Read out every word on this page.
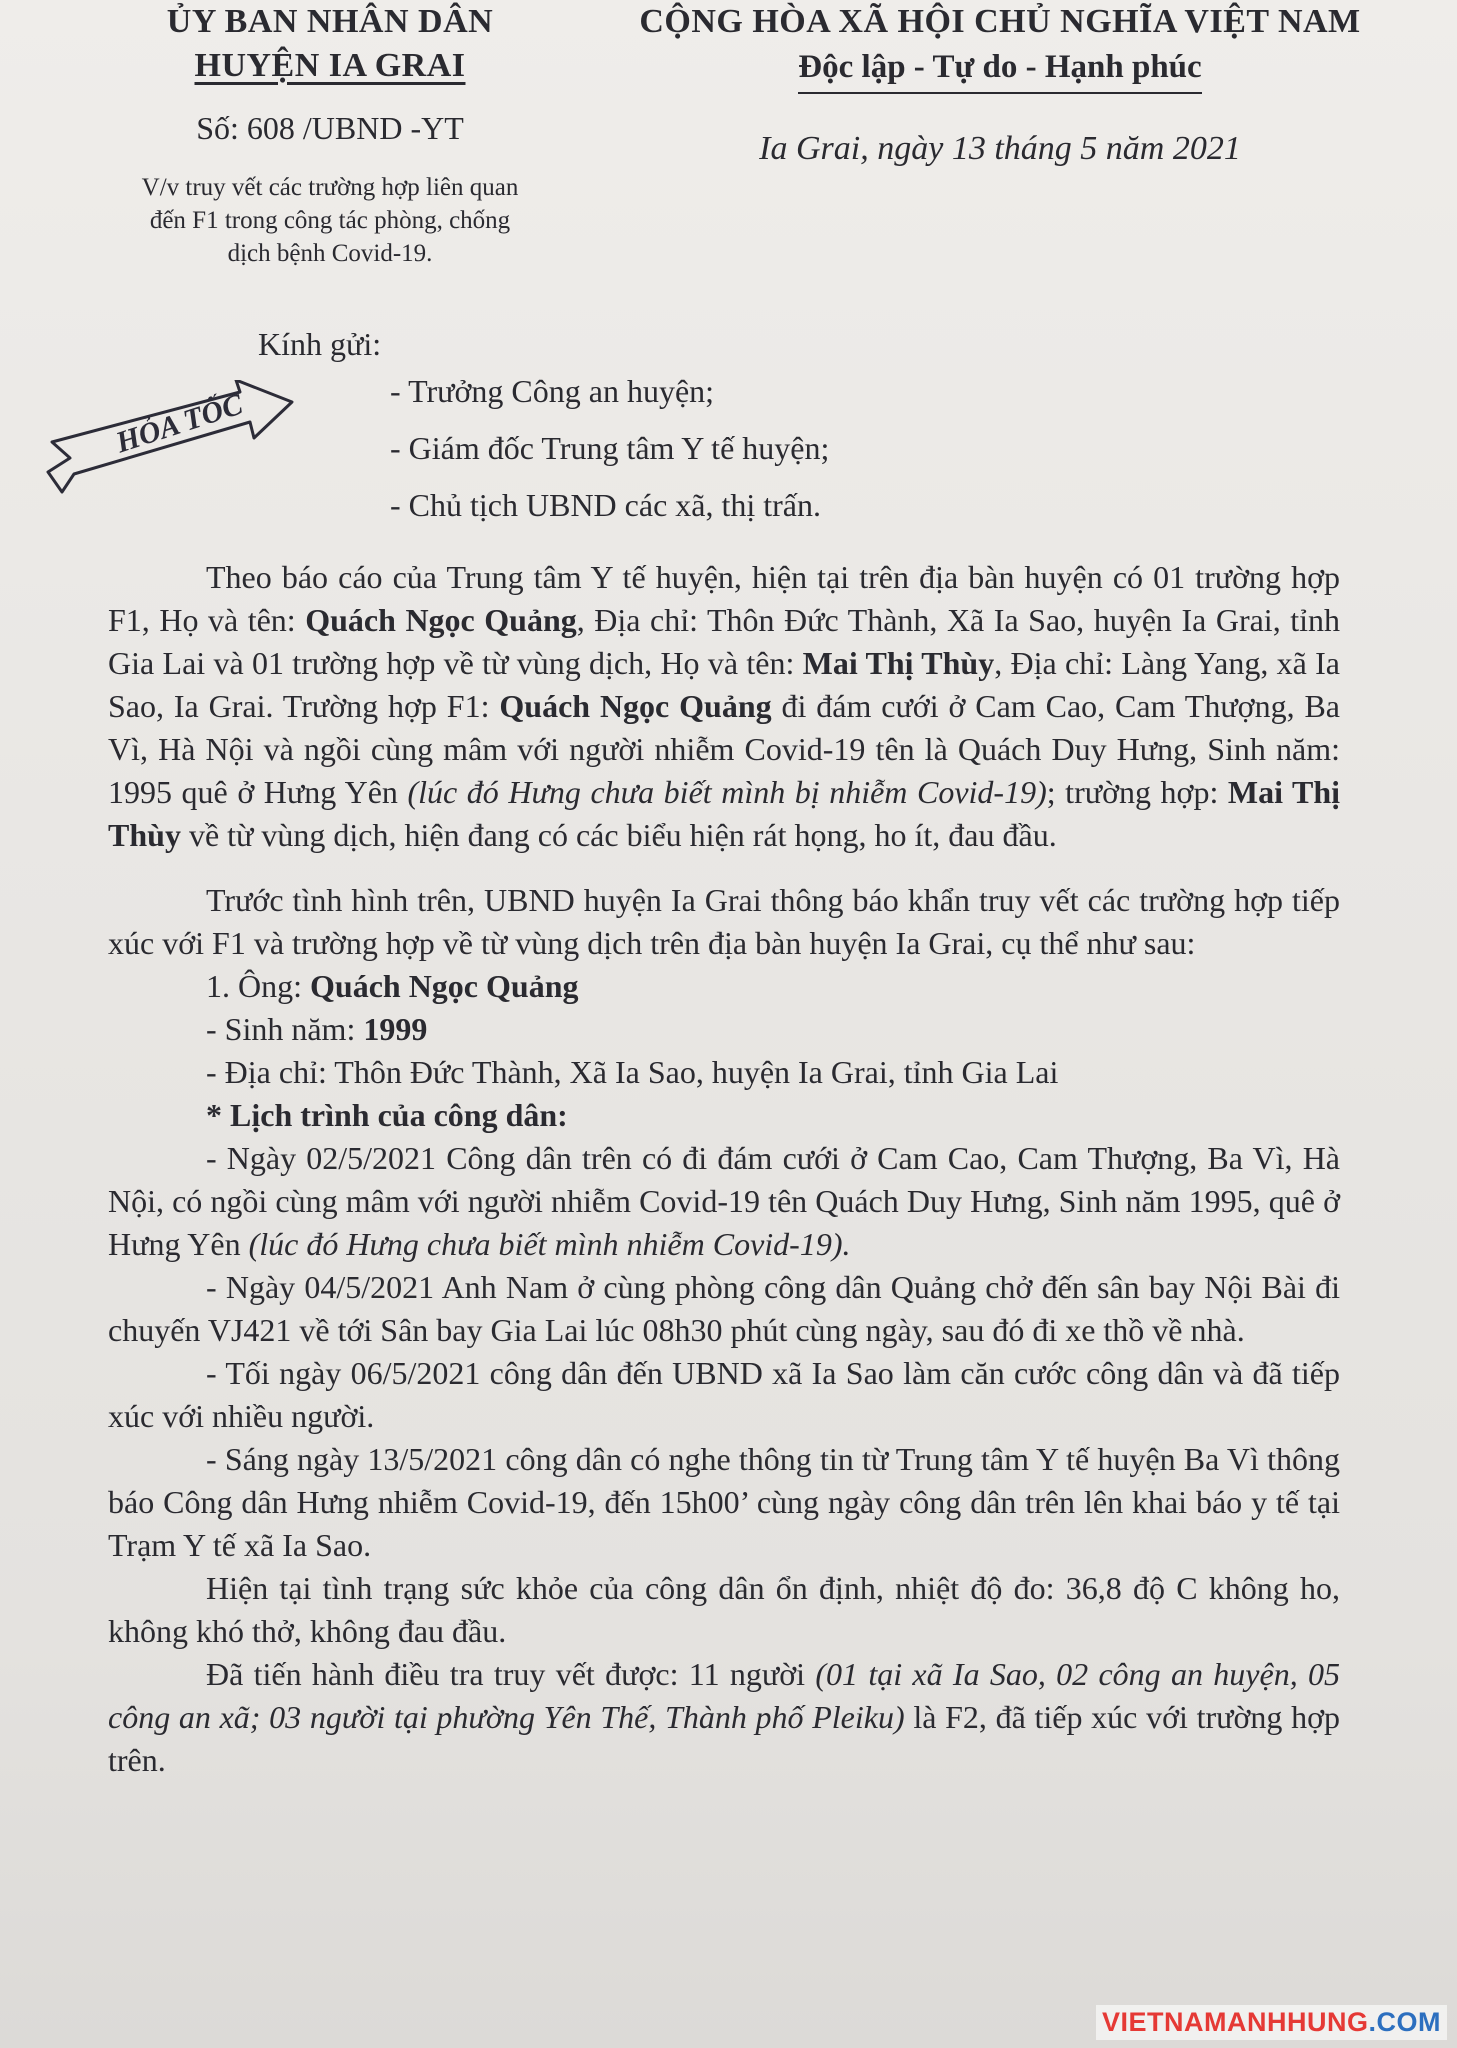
ỦY BAN NHÂN DÂN
HUYỆN IA GRAI
Số: 608 /UBND -YT
V/v truy vết các trường hợp liên quan đến F1 trong công tác phòng, chống dịch bệnh Covid-19.
CỘNG HÒA XÃ HỘI CHỦ NGHĨA VIỆT NAM
Độc lập - Tự do - Hạnh phúc
Ia Grai, ngày 13 tháng 5 năm 2021
HỎA TỐC
Kính gửi:
- Trưởng Công an huyện;
- Giám đốc Trung tâm Y tế huyện;
- Chủ tịch UBND các xã, thị trấn.

Theo báo cáo của Trung tâm Y tế huyện, hiện tại trên địa bàn huyện có 01 trường hợp F1, Họ và tên: Quách Ngọc Quảng, Địa chỉ: Thôn Đức Thành, Xã Ia Sao, huyện Ia Grai, tỉnh Gia Lai và 01 trường hợp về từ vùng dịch, Họ và tên: Mai Thị Thùy, Địa chỉ: Làng Yang, xã Ia Sao, Ia Grai. Trường hợp F1: Quách Ngọc Quảng đi đám cưới ở Cam Cao, Cam Thượng, Ba Vì, Hà Nội và ngồi cùng mâm với người nhiễm Covid-19 tên là Quách Duy Hưng, Sinh năm: 1995 quê ở Hưng Yên (lúc đó Hưng chưa biết mình bị nhiễm Covid-19); trường hợp: Mai Thị Thùy về từ vùng dịch, hiện đang có các biểu hiện rát họng, ho ít, đau đầu.

Trước tình hình trên, UBND huyện Ia Grai thông báo khẩn truy vết các trường hợp tiếp xúc với F1 và trường hợp về từ vùng dịch trên địa bàn huyện Ia Grai, cụ thể như sau:

1. Ông: Quách Ngọc Quảng

- Sinh năm: 1999

- Địa chỉ: Thôn Đức Thành, Xã Ia Sao, huyện Ia Grai, tỉnh Gia Lai

* Lịch trình của công dân:

- Ngày 02/5/2021 Công dân trên có đi đám cưới ở Cam Cao, Cam Thượng, Ba Vì, Hà Nội, có ngồi cùng mâm với người nhiễm Covid-19 tên Quách Duy Hưng, Sinh năm 1995, quê ở Hưng Yên (lúc đó Hưng chưa biết mình nhiễm Covid-19).

- Ngày 04/5/2021 Anh Nam ở cùng phòng công dân Quảng chở đến sân bay Nội Bài đi chuyến VJ421 về tới Sân bay Gia Lai lúc 08h30 phút cùng ngày, sau đó đi xe thồ về nhà.

- Tối ngày 06/5/2021 công dân đến UBND xã Ia Sao làm căn cước công dân và đã tiếp xúc với nhiều người.

- Sáng ngày 13/5/2021 công dân có nghe thông tin từ Trung tâm Y tế huyện Ba Vì thông báo Công dân Hưng nhiễm Covid-19, đến 15h00’ cùng ngày công dân trên lên khai báo y tế tại Trạm Y tế xã Ia Sao.

Hiện tại tình trạng sức khỏe của công dân ổn định, nhiệt độ đo: 36,8 độ C không ho, không khó thở, không đau đầu.

Đã tiến hành điều tra truy vết được: 11 người (01 tại xã Ia Sao, 02 công an huyện, 05 công an xã; 03 người tại phường Yên Thế, Thành phố Pleiku) là F2, đã tiếp xúc với trường hợp trên.

VIETNAMANHHUNG.COM
